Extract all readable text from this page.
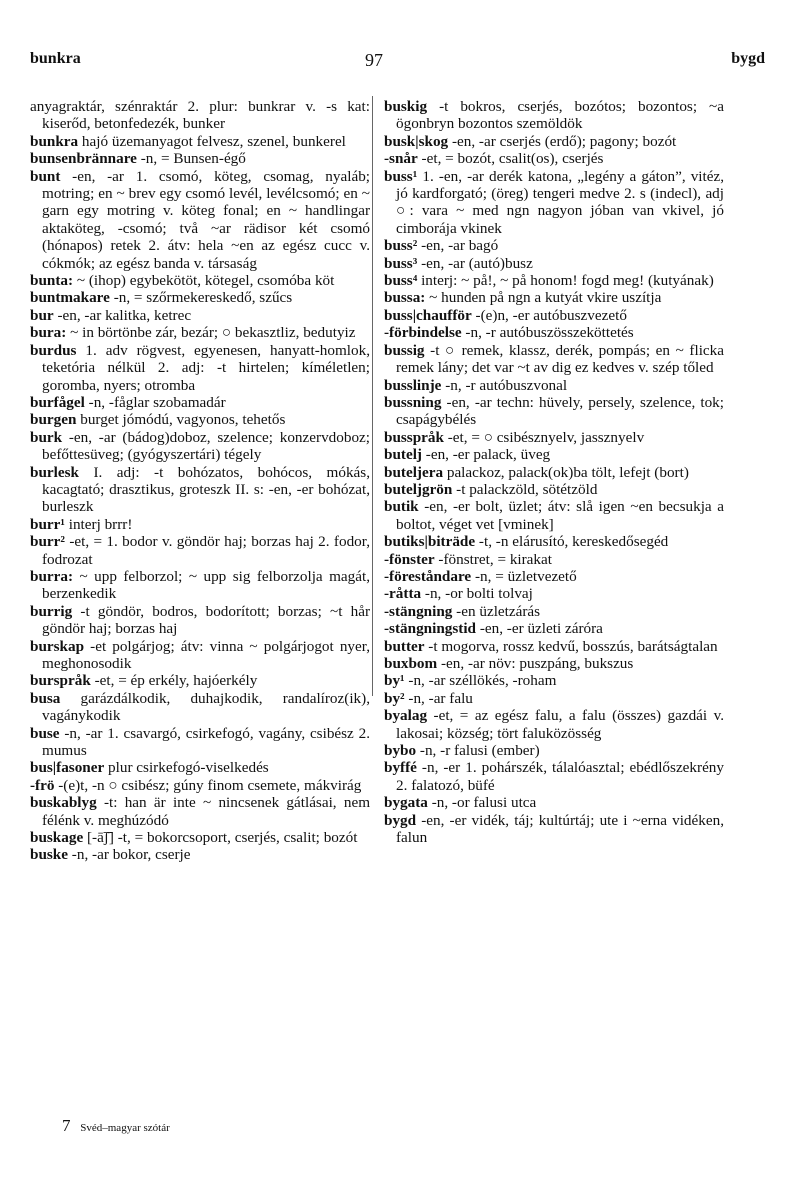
bunkra	97	bygd

anyagraktár, szénraktár 2. plur: bunkrar v. -s kat: kiserőd, betonfedezék, bunker

bunkra hajó üzemanyagot felvesz, szenel, bunkerel

bunsenbrännare -n, = Bunsen-égő

bunt -en, -ar 1. csomó, köteg, csomag, nyaláb; motring; en ~ brev egy csomó levél, levélcsomó; en ~ garn egy motring v. köteg fonal; en ~ handlingar aktaköteg, -csomó; två ~ar rädisor két csomó (hónapos) retek 2. átv: hela ~en az egész cucc v. cókmók; az egész banda v. társaság

bunta: ~ (ihop) egybekötöt, kötegel, csomóba köt

buntmakare -n, = szőrmekereskedő, szűcs

bur -en, -ar kalitka, ketrec

bura: ~ in börtönbe zár, bezár; ○ bekasztliz, bedutyiz

burdus 1. adv rögvest, egyenesen, hanyatt-homlok, teketória nélkül 2. adj: -t hirtelen; kíméletlen; goromba, nyers; otromba

burfågel -n, -fåglar szobamadár

burgen burget jómódú, vagyonos, tehetős

burk -en, -ar (bádog)doboz, szelence; konzervdoboz; befőttesüveg; (gyógyszertári) tégely

burlesk I. adj: -t bohózatos, bohócos, mókás, kacagtató; drasztikus, groteszk II. s: -en, -er bohózat, burleszk

burr¹ interj brrr!

burr² -et, = 1. bodor v. göndör haj; borzas haj 2. fodor, fodrozat

burra: ~ upp felborzol; ~ upp sig felborzolja magát, berzenkedik

burrig -t göndör, bodros, bodorított; borzas; ~t hår göndör haj; borzas haj

burskap -et polgárjog; átv: vinna ~ polgárjogot nyer, meghonosodik

burspråk -et, = ép erkély, hajóerkély

busa garázdálkodik, duhajkodik, randalíroz(ik), vagánykodik

buse -n, -ar 1. csavargó, csirkefogó, vagány, csibész 2. mumus

bus|fasoner plur csirkefogó-viselkedés

-frö -(e)t, -n ○ csibész; gúny finom csemete, mákvirág

buskablyg -t: han är inte ~ nincsenek gátlásai, nem félénk v. meghúzódó

buskage [-ā͞ʃ] -t, = bokorcsoport, cserjés, csalit; bozót

buske -n, -ar bokor, cserje

buskig -t bokros, cserjés, bozótos; bozontos; ~a ögonbryn bozontos szemöldök

busk|skog -en, -ar cserjés (erdő); pagony; bozót

-snår -et, = bozót, csalit(os), cserjés

buss¹ 1. -en, -ar derék katona, „legény a gáton”, vitéz, jó kardforgató; (öreg) tengeri medve 2. s (indecl), adj ○: vara ~ med ngn nagyon jóban van vkivel, jó cimborája vkinek

buss² -en, -ar bagó

buss³ -en, -ar (autó)busz

buss⁴ interj: ~ på!, ~ på honom! fogd meg! (kutyának)

bussa: ~ hunden på ngn a kutyát vkire uszítja

buss|chaufför -(e)n, -er autóbuszvezető

-förbindelse -n, -r autóbuszösszeköttetés

bussig -t ○ remek, klassz, derék, pompás; en ~ flicka remek lány; det var ~t av dig ez kedves v. szép tőled

busslinje -n, -r autóbuszvonal

bussning -en, -ar techn: hüvely, persely, szelence, tok; csapágybélés

busspråk -et, = ○ csibésznyelv, jassznyelv

butelj -en, -er palack, üveg

buteljera palackoz, palack(ok)ba tölt, lefejt (bort)

buteljgrön -t palackzöld, sötétzöld

butik -en, -er bolt, üzlet; átv: slå igen ~en becsukja a boltot, véget vet [vminek]

butiks|biträde -t, -n elárusító, kereskedősegéd

-fönster -fönstret, = kirakat

-föreståndare -n, = üzletvezető

-råtta -n, -or bolti tolvaj

-stängning -en üzletzárás

-stängningstid -en, -er üzleti záróra

butter -t mogorva, rossz kedvű, bosszús, barátságtalan

buxbom -en, -ar növ: puszpáng, bukszus

by¹ -n, -ar széllökés, -roham

by² -n, -ar falu

byalag -et, = az egész falu, a falu (összes) gazdái v. lakosai; község; tört faluközösség

bybo -n, -r falusi (ember)

byffé -n, -er 1. pohárszék, tálalóasztal; ebédlőszekrény 2. falatozó, büfé

bygata -n, -or falusi utca

bygd -en, -er vidék, táj; kultúrtáj; ute i ~erna vidéken, falun

7 Svéd–magyar szótár
